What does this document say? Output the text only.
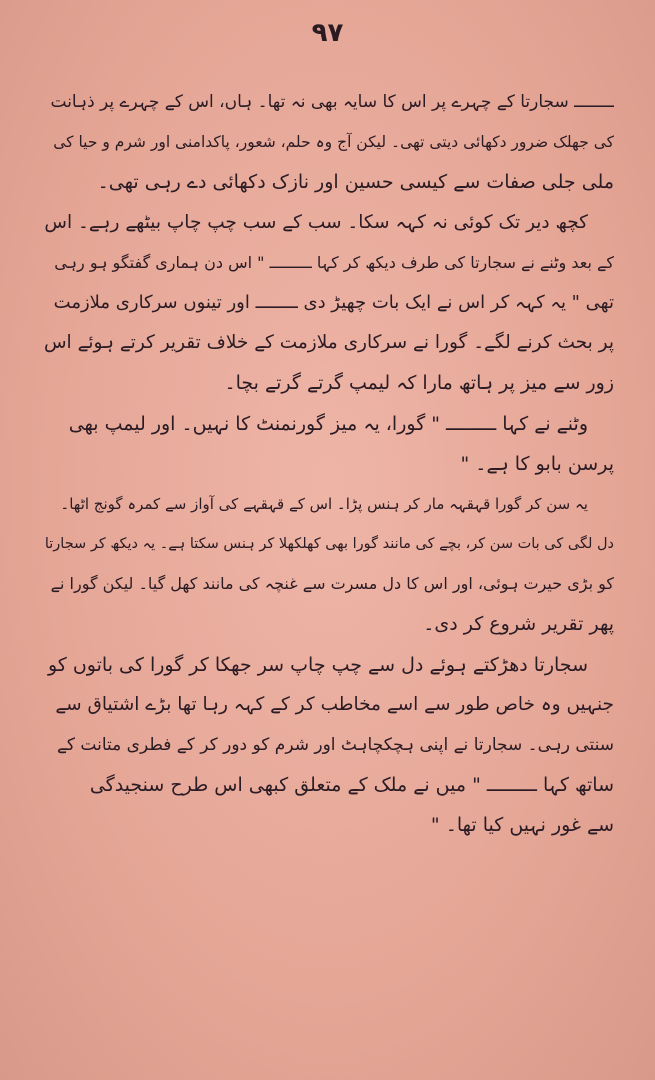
۹۷
ــــــــ سجارتا کے چہرے پر اس کا سایہ بھی نہ تھا۔ ہاں، اس کے چہرے پر ذہانت
کی جھلک ضرور دکھائی دیتی تھی۔ لیکن آج وہ حلم، شعور، پاکدامنی اور شرم و حیا کی
ملی جلی صفات سے کیسی حسین اور نازک دکھائی دے رہی تھی۔
کچھ دیر تک کوئی نہ کہہ سکا۔ سب کے سب چپ چاپ بیٹھے رہے۔ اس
کے بعد وٹنے نے سجارتا کی طرف دیکھ کر کہا ـــــــــ " اس دن ہماری گفتگو ہو رہی
تھی " یہ کہہ کر اس نے ایک بات چھیڑ دی ــــــــ اور تینوں سرکاری ملازمت
پر بحث کرنے لگے۔ گورا نے سرکاری ملازمت کے خلاف تقریر کرتے ہوئے اس
زور سے میز پر ہاتھ مارا کہ لیمپ گرتے گرتے بچا۔
وٹنے نے کہا ـــــــــ " گورا، یہ میز گورنمنٹ کا نہیں۔ اور لیمپ بھی
پرسن بابو کا ہے۔ "
یہ سن کر گورا قہقہہ مار کر ہنس پڑا۔ اس کے قہقہے کی آواز سے کمرہ گونج اٹھا۔
دل لگی کی بات سن کر، بچے کی مانند گورا بھی کھلکھلا کر ہنس سکتا ہے۔ یہ دیکھ کر سجارتا
کو بڑی حیرت ہوئی، اور اس کا دل مسرت سے غنچہ کی مانند کھل گیا۔ لیکن گورا نے
پھر تقریر شروع کر دی۔
سجارتا دھڑکتے ہوئے دل سے چپ چاپ سر جھکا کر گورا کی باتوں کو
جنہیں وہ خاص طور سے اسے مخاطب کر کے کہہ رہا تھا بڑے اشتیاق سے
سنتی رہی۔ سجارتا نے اپنی ہچکچاہٹ اور شرم کو دور کر کے فطری متانت کے
ساتھ کہا ـــــــــ " میں نے ملک کے متعلق کبھی اس طرح سنجیدگی
سے غور نہیں کیا تھا۔ "
